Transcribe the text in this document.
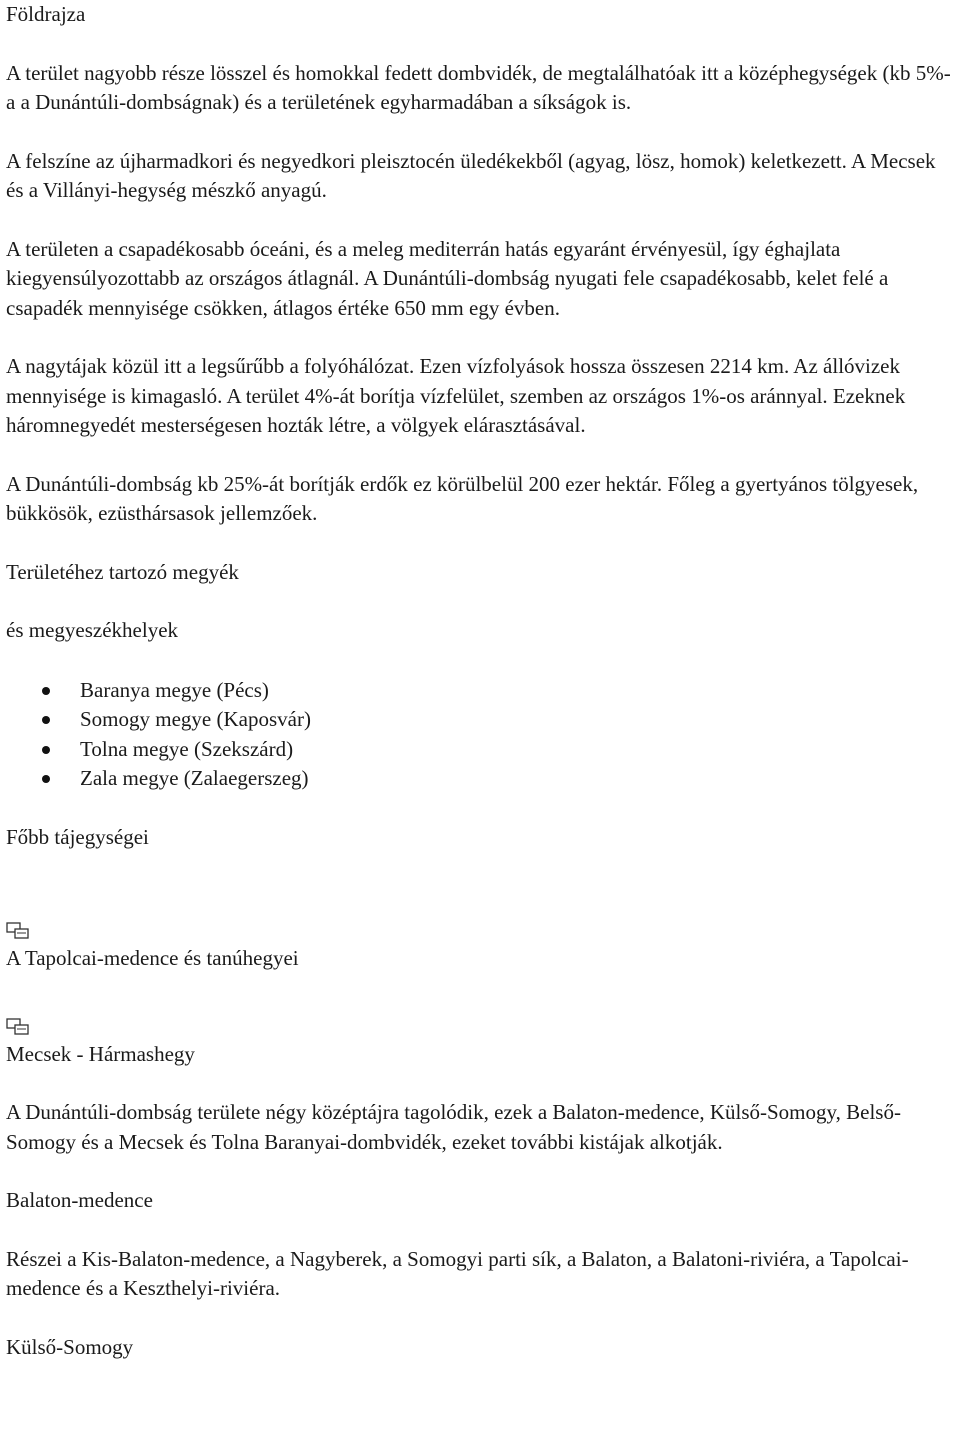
Földrajza

A terület nagyobb része lösszel és homokkal fedett dombvidék, de megtalálhatóak itt a középhegységek (kb 5%-a a Dunántúli-dombságnak) és a területének egyharmadában a síkságok is.

A felszíne az újharmadkori és negyedkori pleisztocén üledékekből (agyag, lösz, homok) keletkezett. A Mecsek és a Villányi-hegység mészkő anyagú.

A területen a csapadékosabb óceáni, és a meleg mediterrán hatás egyaránt érvényesül, így éghajlata kiegyensúlyozottabb az országos átlagnál. A Dunántúli-dombság nyugati fele csapadékosabb, kelet felé a csapadék mennyisége csökken, átlagos értéke 650 mm egy évben.

A nagytájak közül itt a legsűrűbb a folyóhálózat. Ezen vízfolyások hossza összesen 2214 km. Az állóvizek mennyisége is kimagasló. A terület 4%-át borítja vízfelület, szemben az országos 1%-os aránnyal. Ezeknek háromnegyedét mesterségesen hozták létre, a völgyek elárasztásával.

A Dunántúli-dombság kb 25%-át borítják erdők ez körülbelül 200 ezer hektár. Főleg a gyertyános tölgyesek, bükkösök, ezüsthársasok jellemzőek.

Területéhez tartozó megyék

és megyeszékhelyek

Baranya megye (Pécs)
Somogy megye (Kaposvár)
Tolna megye (Szekszárd)
Zala megye (Zalaegerszeg)

Főbb tájegységei

A Tapolcai-medence és tanúhegyei

Mecsek - Hármashegy

A Dunántúli-dombság területe négy középtájra tagolódik, ezek a Balaton-medence, Külső-Somogy, Belső-Somogy és a Mecsek és Tolna Baranyai-dombvidék, ezeket további kistájak alkotják.

Balaton-medence

Részei a Kis-Balaton-medence, a Nagyberek, a Somogyi parti sík, a Balaton, a Balatoni-riviéra, a Tapolcai-medence és a Keszthelyi-riviéra.

Külső-Somogy
